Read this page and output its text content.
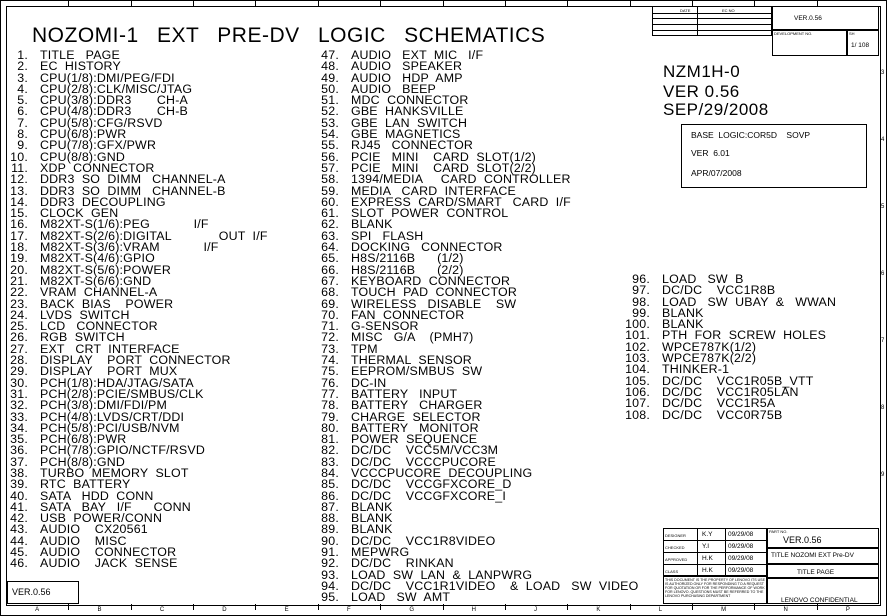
NOZOMI-1 EXT PRE-DV LOGIC SCHEMATICS
1. TITLE   PAGE
2. EC  HISTORY
3. CPU(1/8):DMI/PEG/FDI
4. CPU(2/8):CLK/MISC/JTAG
5. CPU(3/8):DDR3       CH-A
6. CPU(4/8):DDR3       CH-B
7. CPU(5/8):CFG/RSVD
8. CPU(6/8):PWR
9. CPU(7/8):GFX/PWR
10. CPU(8/8):GND
11. XDP  CONNECTOR
12. DDR3  SO  DIMM   CHANNEL-A
13. DDR3  SO  DIMM   CHANNEL-B
14. DDR3  DECOUPLING
15. CLOCK  GEN
16. M82XT-S(1/6):PEG            I/F
17. M82XT-S(2/6):DIGITAL             OUT  I/F
18. M82XT-S(3/6):VRAM            I/F
19. M82XT-S(4/6):GPIO
20. M82XT-S(5/6):POWER
21. M82XT-S(6/6):GND
22. VRAM  CHANNEL-A
23. BACK  BIAS    POWER
24. LVDS  SWITCH
25. LCD   CONNECTOR
26. RGB  SWITCH
27. EXT   CRT  INTERFACE
28. DISPLAY    PORT  CONNECTOR
29. DISPLAY    PORT  MUX
30. PCH(1/8):HDA/JTAG/SATA
31. PCH(2/8):PCIE/SMBUS/CLK
32. PCH(3/8):DMI/FDI/PM
33. PCH(4/8):LVDS/CRT/DDI
34. PCH(5/8):PCI/USB/NVM
35. PCH(6/8):PWR
36. PCH(7/8):GPIO/NCTF/RSVD
37. PCH(8/8):GND
38. TURBO  MEMORY  SLOT
39. RTC  BATTERY
40. SATA   HDD  CONN
41. SATA   BAY   I/F      CONN
42. USB  POWER/CONN
43. AUDIO    CX20561
44. AUDIO    MISC
45. AUDIO    CONNECTOR
46. AUDIO    JACK  SENSE
47. AUDIO   EXT  MIC   I/F
48. AUDIO   SPEAKER
49. AUDIO   HDP  AMP
50. AUDIO   BEEP
51. MDC  CONNECTOR
52. GBE  HANKSVILLE
53. GBE  LAN  SWITCH
54. GBE  MAGNETICS
55. RJ45   CONNECTOR
56. PCIE   MINI    CARD  SLOT(1/2)
57. PCIE   MINI    CARD  SLOT(2/2)
58. 1394/MEDIA     CARD  CONTROLLER
59. MEDIA   CARD  INTERFACE
60. EXPRESS  CARD/SMART   CARD  I/F
61. SLOT  POWER  CONTROL
62. BLANK
63. SPI   FLASH
64. DOCKING   CONNECTOR
65. H8S/2116B      (1/2)
66. H8S/2116B      (2/2)
67. KEYBOARD  CONNECTOR
68. TOUCH  PAD  CONNECTOR
69. WIRELESS   DISABLE    SW
70. FAN  CONNECTOR
71. G-SENSOR
72. MISC   G/A    (PMH7)
73. TPM
74. THERMAL  SENSOR
75. EEPROM/SMBUS  SW
76. DC-IN
77. BATTERY   INPUT
78. BATTERY   CHARGER
79. CHARGE  SELECTOR
80. BATTERY   MONITOR
81. POWER  SEQUENCE
82. DC/DC    VCC5M/VCC3M
83. DC/DC    VCCCPUCORE
84. VCCCPUCORE  DECOUPLING
85. DC/DC    VCCGFXCORE_D
86. DC/DC    VCCGFXCORE_I
87. BLANK
88. BLANK
89. BLANK
90. DC/DC    VCC1R8VIDEO
91. MEPWRG
92. DC/DC    RINKAN
93. LOAD  SW  LAN  &  LANPWRG
94. DC/DC    VCC1R1VIDEO    &  LOAD   SW  VIDEO
95. LOAD   SW  AMT
96. LOAD   SW  B
97. DC/DC    VCC1R8B
98. LOAD   SW  UBAY  &   WWAN
99. BLANK
100. BLANK
101. PTH  FOR  SCREW  HOLES
102. WPCE787K(1/2)
103. WPCE787K(2/2)
104. THINKER-1
105. DC/DC    VCC1R05B_VTT
106. DC/DC    VCC1R05LAN
107. DC/DC    VCC1R5A
108. DC/DC    VCC0R75B
NZM1H-0
VER 0.56
SEP/29/2008
BASE  LOGIC:COR5D    SOVP
VER  6.01
APR/07/2008
VER.0.56
DATE	EC NO
VER.0.56
DEVELOPMENT NO.	SH
1/ 108
DESIGNER K.Y 09/29/08
CHECKED	Y.I	09/29/08
APPROVED H.K 09/29/08
CLASS	H.K 09/29/08
PART NO.
VER.0.56
TITLE NOZOMI EXT Pre-DV
TITLE PAGE
THIS DOCUMENT IS THE PROPERTY OF LENOVO ITS USE IS AUTHORIZED ONLY FOR RESPONDING TO A REQUEST FOR QUOTATION OR FOR THE PERFORMANCE OF WORK FOR LENOVO. QUESTIONS MUST BE REFERRED TO THE LENOVO PURCHASING DEPARTMENT
LENOVO CONFIDENTIAL
A	B	C	D	E	F	G	H	J	K	L	M	N	P
3
4
5
6
7
8
9
